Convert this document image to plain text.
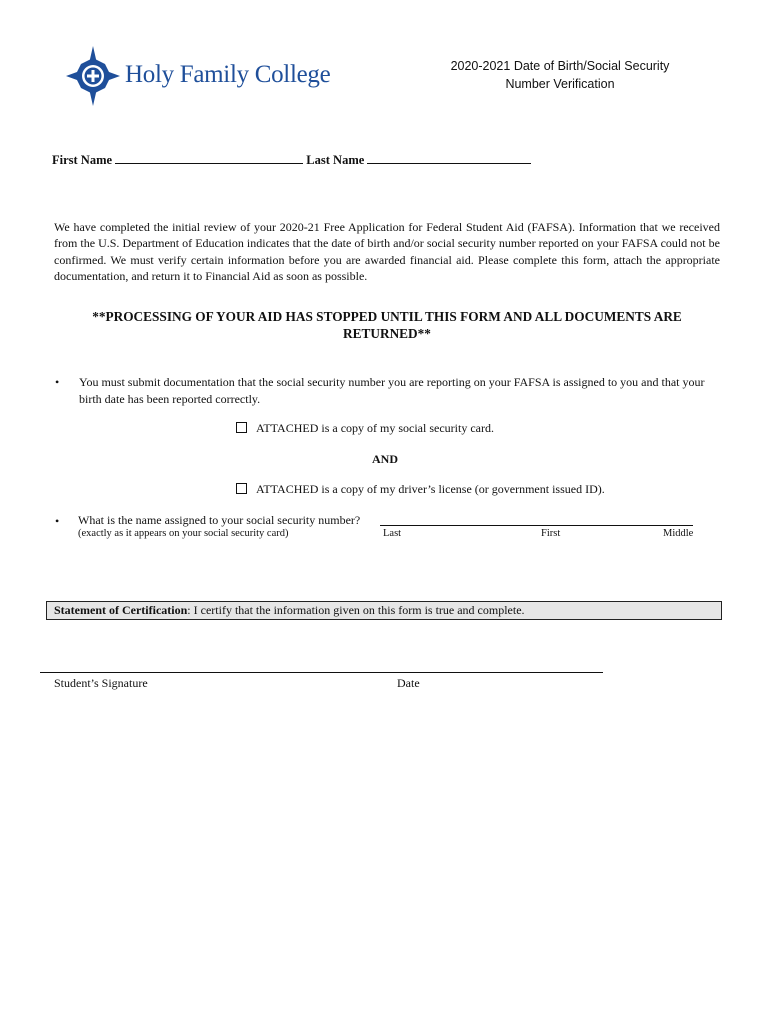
Holy Family College	2020-2021 Date of Birth/Social Security
Number Verification
First Name	Last Name
We have completed the initial review of your 2020-21 Free Application for Federal Student Aid (FAFSA). Information that we received from the U.S. Department of Education indicates that the date of birth and/or social security number reported on your FAFSA could not be confirmed. We must verify certain information before you are awarded financial aid. Please complete this form, attach the appropriate documentation, and return it to Financial Aid as soon as possible.
**PROCESSING OF YOUR AID HAS STOPPED UNTIL THIS FORM AND ALL DOCUMENTS ARE RETURNED**
• You must submit documentation that the social security number you are reporting on your FAFSA is assigned to you and that your birth date has been reported correctly.
ATTACHED is a copy of my social security card.
AND
ATTACHED is a copy of my driver’s license (or government issued ID).
• What is the name assigned to your social security number?
(exactly as it appears on your social security card)	Last	First	Middle
Statement of Certification: I certify that the information given on this form is true and complete.
Student’s Signature	Date
